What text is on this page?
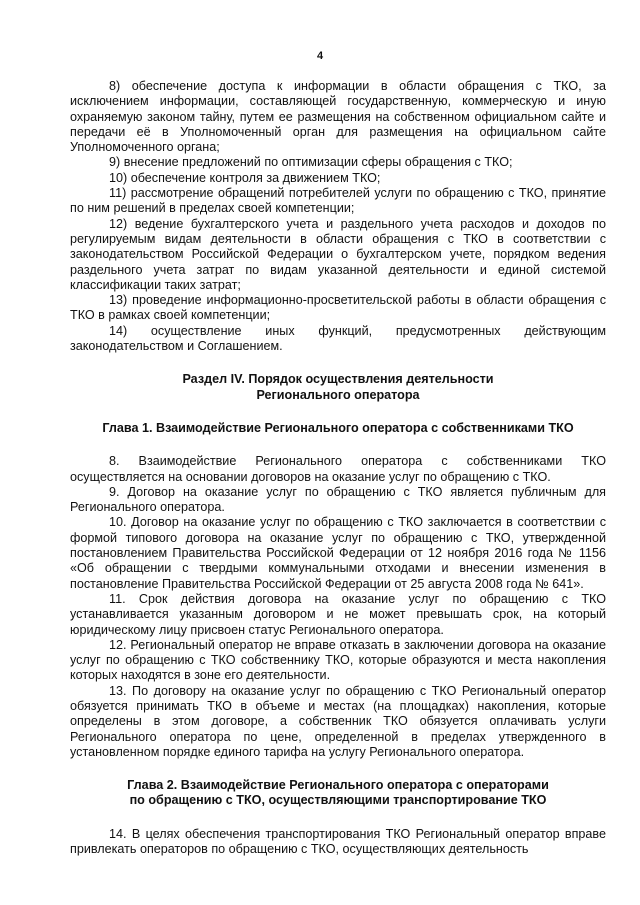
4

8) обеспечение доступа к информации в области обращения с ТКО, за исключением информации, составляющей государственную, коммерческую и иную охраняемую законом тайну, путем ее размещения на собственном официальном сайте и передачи её в Уполномоченный орган для размещения на официальном сайте Уполномоченного органа;

9) внесение предложений по оптимизации сферы обращения с ТКО;

10) обеспечение контроля за движением ТКО;

11) рассмотрение обращений потребителей услуги по обращению с ТКО, принятие по ним решений в пределах своей компетенции;

12) ведение бухгалтерского учета и раздельного учета расходов и доходов по регулируемым видам деятельности в области обращения с ТКО в соответствии с законодательством Российской Федерации о бухгалтерском учете, порядком ведения раздельного учета затрат по видам указанной деятельности и единой системой классификации таких затрат;

13) проведение информационно-просветительской работы в области обращения с ТКО в рамках своей компетенции;

14) осуществление иных функций, предусмотренных действующим законодательством и Соглашением.

Раздел IV. Порядок осуществления деятельности

Регионального оператора

Глава 1. Взаимодействие Регионального оператора с собственниками ТКО

8. Взаимодействие Регионального оператора с собственниками ТКО осуществляется на основании договоров на оказание услуг по обращению с ТКО.

9. Договор на оказание услуг по обращению с ТКО является публичным для Регионального оператора.

10. Договор на оказание услуг по обращению с ТКО заключается в соответствии с формой типового договора на оказание услуг по обращению с ТКО, утвержденной постановлением Правительства Российской Федерации от 12 ноября 2016 года № 1156 «Об обращении с твердыми коммунальными отходами и внесении изменения в постановление Правительства Российской Федерации от 25 августа 2008 года № 641».

11. Срок действия договора на оказание услуг по обращению с ТКО устанавливается указанным договором и не может превышать срок, на который юридическому лицу присвоен статус Регионального оператора.

12. Региональный оператор не вправе отказать в заключении договора на оказание услуг по обращению с ТКО собственнику ТКО, которые образуются и места накопления которых находятся в зоне его деятельности.

13. По договору на оказание услуг по обращению с ТКО Региональный оператор обязуется принимать ТКО в объеме и местах (на площадках) накопления, которые определены в этом договоре, а собственник ТКО обязуется оплачивать услуги Регионального оператора по цене, определенной в пределах утвержденного в установленном порядке единого тарифа на услугу Регионального оператора.

Глава 2. Взаимодействие Регионального оператора с операторами

по обращению с ТКО, осуществляющими транспортирование ТКО

14. В целях обеспечения транспортирования ТКО Региональный оператор вправе привлекать операторов по обращению с ТКО, осуществляющих деятельность
